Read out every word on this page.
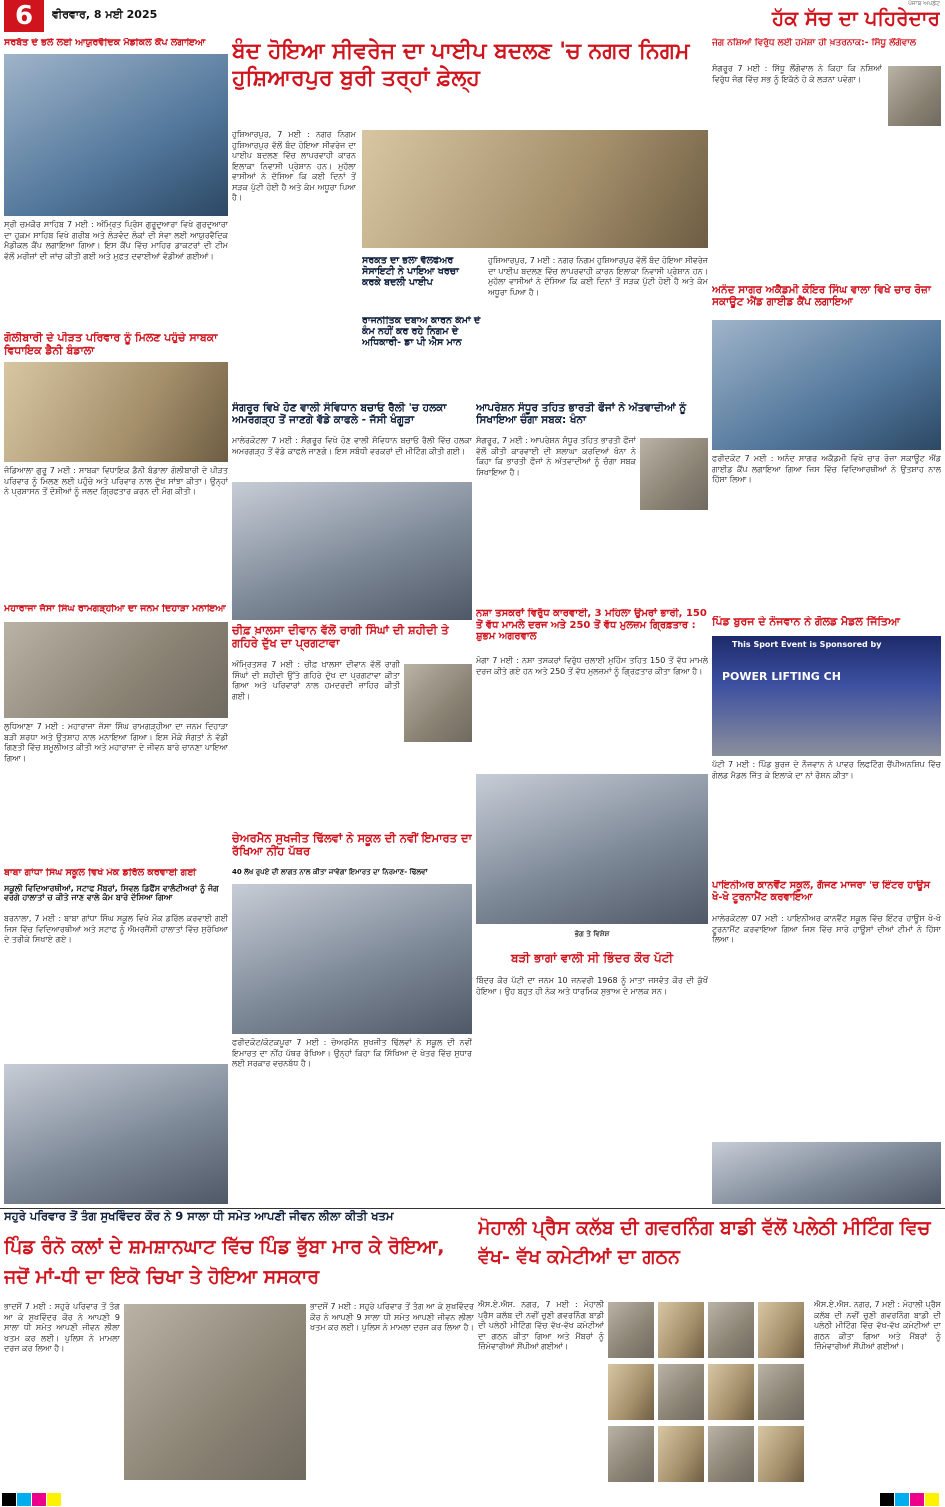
6	ਵੀਰਵਾਰ, 8 ਮਈ 2025
ਪੰਜਾਬ ਅਪਡੇਟ
ਹੱਕ ਸੱਚ ਦਾ ਪਹਿਰੇਦਾਰ
ਸਰਬੱਤ ਦੇ ਭਲੇ ਲਈ ਆਯੁਰਵੈਦਿਕ ਮੈਡੀਕਲ ਕੈਂਪ ਲਗਾਇਆ
ਸ੍ਰੀ ਚਮਕੌਰ ਸਾਹਿਬ 7 ਮਈ : ਅੰਮ੍ਰਿਤ ਪ੍ਰਿੰਸ ਗੁਰੂਦੁਆਰਾ ਵਿਖੇ ਗੁਰਦੁਆਰਾ ਦਾ ਹੁਕਮ ਸਾਹਿਬ ਵਿਖੇ ਗਰੀਬ ਅਤੇ ਲੋੜਵੰਦ ਲੋਕਾਂ ਦੀ ਸੇਵਾ ਲਈ ਆਯੁਰਵੈਦਿਕ ਮੈਡੀਕਲ ਕੈਂਪ ਲਗਾਇਆ ਗਿਆ। ਇਸ ਕੈਂਪ ਵਿੱਚ ਮਾਹਿਰ ਡਾਕਟਰਾਂ ਦੀ ਟੀਮ ਵੱਲੋਂ ਮਰੀਜ਼ਾਂ ਦੀ ਜਾਂਚ ਕੀਤੀ ਗਈ ਅਤੇ ਮੁਫ਼ਤ ਦਵਾਈਆਂ ਵੰਡੀਆਂ ਗਈਆਂ।
ਗੋਲੀਬਾਰੀ ਦੇ ਪੀੜਤ ਪਰਿਵਾਰ ਨੂੰ ਮਿਲਣ ਪਹੁੰਚੇ ਸਾਬਕਾ ਵਿਧਾਇਕ ਡੈਨੀ ਬੰਡਾਲਾ
ਜੰਡਿਆਲਾ ਗੁਰੂ 7 ਮਈ : ਸਾਬਕਾ ਵਿਧਾਇਕ ਡੈਨੀ ਬੰਡਾਲਾ ਗੋਲੀਬਾਰੀ ਦੇ ਪੀੜਤ ਪਰਿਵਾਰ ਨੂੰ ਮਿਲਣ ਲਈ ਪਹੁੰਚੇ ਅਤੇ ਪਰਿਵਾਰ ਨਾਲ ਦੁੱਖ ਸਾਂਝਾ ਕੀਤਾ। ਉਨ੍ਹਾਂ ਨੇ ਪ੍ਰਸ਼ਾਸਨ ਤੋਂ ਦੋਸ਼ੀਆਂ ਨੂੰ ਜਲਦ ਗ੍ਰਿਫਤਾਰ ਕਰਨ ਦੀ ਮੰਗ ਕੀਤੀ।
ਮਹਾਰਾਜਾ ਜੱਸਾ ਸਿੰਘ ਰਾਮਗੜ੍ਹੀਆ ਦਾ ਜਨਮ ਦਿਹਾੜਾ ਮਨਾਇਆ
ਲੁਧਿਆਣਾ 7 ਮਈ : ਮਹਾਰਾਜਾ ਜੱਸਾ ਸਿੰਘ ਰਾਮਗੜ੍ਹੀਆ ਦਾ ਜਨਮ ਦਿਹਾੜਾ ਬੜੀ ਸ਼ਰਧਾ ਅਤੇ ਉਤਸ਼ਾਹ ਨਾਲ ਮਨਾਇਆ ਗਿਆ। ਇਸ ਮੌਕੇ ਸੰਗਤਾਂ ਨੇ ਵੱਡੀ ਗਿਣਤੀ ਵਿੱਚ ਸ਼ਮੂਲੀਅਤ ਕੀਤੀ ਅਤੇ ਮਹਾਰਾਜਾ ਦੇ ਜੀਵਨ ਬਾਰੇ ਚਾਨਣਾ ਪਾਇਆ ਗਿਆ।
ਬਾਬਾ ਗਾਂਧਾ ਸਿੰਘ ਸਕੂਲ ਵਿਖੇ ਮੌਕ ਡਰਿੱਲ ਕਰਵਾਈ ਗਈ
ਸਕੂਲੀ ਵਿਦਿਆਰਥੀਆਂ, ਸਟਾਫ ਮੈਂਬਰਾਂ, ਸਿਵਲ ਡਿਫੈਂਸ ਵਾਲੰਟੀਅਰਾਂ ਨੂੰ ਜੰਗ ਵਰਗੇ ਹਾਲਾਤਾਂ ਚ ਕੀਤੇ ਜਾਣ ਵਾਲੇ ਕੰਮ ਬਾਰੇ ਦੱਸਿਆ ਗਿਆ
ਬਰਨਾਲਾ, 7 ਮਈ : ਬਾਬਾ ਗਾਂਧਾ ਸਿੰਘ ਸਕੂਲ ਵਿਖੇ ਮੌਕ ਡਰਿੱਲ ਕਰਵਾਈ ਗਈ ਜਿਸ ਵਿੱਚ ਵਿਦਿਆਰਥੀਆਂ ਅਤੇ ਸਟਾਫ ਨੂੰ ਐਮਰਜੈਂਸੀ ਹਾਲਾਤਾਂ ਵਿੱਚ ਸੁਰੱਖਿਆ ਦੇ ਤਰੀਕੇ ਸਿਖਾਏ ਗਏ।
ਬੰਦ ਹੋਇਆ ਸੀਵਰੇਜ ਦਾ ਪਾਈਪ ਬਦਲਣ 'ਚ ਨਗਰ ਨਿਗਮ ਹੁਸ਼ਿਆਰਪੁਰ ਬੁਰੀ ਤਰ੍ਹਾਂ ਫ਼ੇਲ੍ਹ
ਹੁਸ਼ਿਆਰਪੁਰ, 7 ਮਈ : ਨਗਰ ਨਿਗਮ ਹੁਸ਼ਿਆਰਪੁਰ ਵੱਲੋਂ ਬੰਦ ਹੋਇਆ ਸੀਵਰੇਜ ਦਾ ਪਾਈਪ ਬਦਲਣ ਵਿੱਚ ਲਾਪਰਵਾਹੀ ਕਾਰਨ ਇਲਾਕਾ ਨਿਵਾਸੀ ਪ੍ਰੇਸ਼ਾਨ ਹਨ। ਮੁਹੱਲਾ ਵਾਸੀਆਂ ਨੇ ਦੱਸਿਆ ਕਿ ਕਈ ਦਿਨਾਂ ਤੋਂ ਸੜਕ ਪੁੱਟੀ ਹੋਈ ਹੈ ਅਤੇ ਕੰਮ ਅਧੂਰਾ ਪਿਆ ਹੈ।
ਸਰਕਤ ਦਾ ਭਲਾ ਵੈਲਫੇਅਰ ਸੋਸਾਇਟੀ ਨੇ ਪਾਇਆ ਖਰਚਾ ਕਰਕੇ ਬਦਲੀ ਪਾਈਪ
ਰਾਜਨੀਤਿਕ ਦਬਾਅ ਕਾਰਨ ਕੰਮਾਂ ਦੇ ਕੰਮ ਨਹੀਂ ਕਰ ਰਹੇ ਨਿਗਮ ਦੇ ਅਧਿਕਾਰੀ- ਡਾ ਪੀ ਐਸ ਮਾਨ
ਹੁਸ਼ਿਆਰਪੁਰ, 7 ਮਈ : ਨਗਰ ਨਿਗਮ ਹੁਸ਼ਿਆਰਪੁਰ ਵੱਲੋਂ ਬੰਦ ਹੋਇਆ ਸੀਵਰੇਜ ਦਾ ਪਾਈਪ ਬਦਲਣ ਵਿੱਚ ਲਾਪਰਵਾਹੀ ਕਾਰਨ ਇਲਾਕਾ ਨਿਵਾਸੀ ਪ੍ਰੇਸ਼ਾਨ ਹਨ। ਮੁਹੱਲਾ ਵਾਸੀਆਂ ਨੇ ਦੱਸਿਆ ਕਿ ਕਈ ਦਿਨਾਂ ਤੋਂ ਸੜਕ ਪੁੱਟੀ ਹੋਈ ਹੈ ਅਤੇ ਕੰਮ ਅਧੂਰਾ ਪਿਆ ਹੈ।
ਸੰਗਰੂਰ ਵਿਖੇ ਹੋਣ ਵਾਲੀ ਸੰਵਿਧਾਨ ਬਚਾਓ ਰੈਲੀ 'ਚ ਹਲਕਾ ਅਮਰਗੜ੍ਹ ਤੋਂ ਜਾਣਗੇ ਵੱਡੇ ਕਾਫਲੇ - ਜੱਸੀ ਖੰਗੂੜਾ
ਮਾਲੇਰਕੋਟਲਾ 7 ਮਈ : ਸੰਗਰੂਰ ਵਿਖੇ ਹੋਣ ਵਾਲੀ ਸੰਵਿਧਾਨ ਬਚਾਓ ਰੈਲੀ ਵਿੱਚ ਹਲਕਾ ਅਮਰਗੜ੍ਹ ਤੋਂ ਵੱਡੇ ਕਾਫਲੇ ਜਾਣਗੇ। ਇਸ ਸਬੰਧੀ ਵਰਕਰਾਂ ਦੀ ਮੀਟਿੰਗ ਕੀਤੀ ਗਈ।
ਚੀਫ਼ ਖ਼ਾਲਸਾ ਦੀਵਾਨ ਵੱਲੋਂ ਰਾਗੀ ਸਿੰਘਾਂ ਦੀ ਸ਼ਹੀਦੀ ਤੇ ਗਹਿਰੇ ਦੁੱਖ ਦਾ ਪ੍ਰਗਟਾਵਾ
ਅੰਮ੍ਰਿਤਸਰ 7 ਮਈ : ਚੀਫ਼ ਖ਼ਾਲਸਾ ਦੀਵਾਨ ਵੱਲੋਂ ਰਾਗੀ ਸਿੰਘਾਂ ਦੀ ਸ਼ਹੀਦੀ ਉੱਤੇ ਗਹਿਰੇ ਦੁੱਖ ਦਾ ਪ੍ਰਗਟਾਵਾ ਕੀਤਾ ਗਿਆ ਅਤੇ ਪਰਿਵਾਰਾਂ ਨਾਲ ਹਮਦਰਦੀ ਜ਼ਾਹਿਰ ਕੀਤੀ ਗਈ।
ਚੇਅਰਮੈਨ ਸੁਖਜੀਤ ਢਿੱਲਵਾਂ ਨੇ ਸਕੂਲ ਦੀ ਨਵੀਂ ਇਮਾਰਤ ਦਾ ਰੱਖਿਆ ਨੀਂਹ ਪੱਥਰ
40 ਲੱਖ ਰੁਪਏ ਦੀ ਲਾਗਤ ਨਾਲ ਕੀਤਾ ਜਾਵੇਗਾ ਇਮਾਰਤ ਦਾ ਨਿਰਮਾਣ- ਢਿੱਲਵਾਂ
ਫਰੀਦਕੋਟ/ਕੋਟਕਪੂਰਾ 7 ਮਈ : ਚੇਅਰਮੈਨ ਸੁਖਜੀਤ ਢਿੱਲਵਾਂ ਨੇ ਸਕੂਲ ਦੀ ਨਵੀਂ ਇਮਾਰਤ ਦਾ ਨੀਂਹ ਪੱਥਰ ਰੱਖਿਆ। ਉਨ੍ਹਾਂ ਕਿਹਾ ਕਿ ਸਿੱਖਿਆ ਦੇ ਖੇਤਰ ਵਿੱਚ ਸੁਧਾਰ ਲਈ ਸਰਕਾਰ ਵਚਨਬੱਧ ਹੈ।
ਆਪਰੇਸ਼ਨ ਸੰਧੂਰ ਤਹਿਤ ਭਾਰਤੀ ਫੌਜਾਂ ਨੇ ਅੱਤਵਾਦੀਆਂ ਨੂੰ ਸਿਖਾਇਆ ਚੰਗਾ ਸਬਕ: ਖੰਨਾ
ਸੰਗਰੂਰ, 7 ਮਈ : ਆਪਰੇਸ਼ਨ ਸੰਧੂਰ ਤਹਿਤ ਭਾਰਤੀ ਫੌਜਾਂ ਵੱਲੋਂ ਕੀਤੀ ਕਾਰਵਾਈ ਦੀ ਸ਼ਲਾਘਾ ਕਰਦਿਆਂ ਖੰਨਾ ਨੇ ਕਿਹਾ ਕਿ ਭਾਰਤੀ ਫੌਜਾਂ ਨੇ ਅੱਤਵਾਦੀਆਂ ਨੂੰ ਚੰਗਾ ਸਬਕ ਸਿਖਾਇਆ ਹੈ।
ਨਸ਼ਾ ਤਸਕਰਾਂ ਵਿਰੁੱਧ ਕਾਰਵਾਈ, 3 ਮਹਿਲਾ ਉਮਰਾਂ ਭਾਰੀ, 150 ਤੋਂ ਵੱਧ ਮਾਮਲੇ ਦਰਜ ਅਤੇ 250 ਤੋਂ ਵੱਧ ਮੁਲਜ਼ਮ ਗ੍ਰਿਫ਼ਤਾਰ : ਸ਼ੁਭਮ ਅਗਰਵਾਲ
ਮੋਗਾ 7 ਮਈ : ਨਸ਼ਾ ਤਸਕਰਾਂ ਵਿਰੁੱਧ ਚਲਾਈ ਮੁਹਿੰਮ ਤਹਿਤ 150 ਤੋਂ ਵੱਧ ਮਾਮਲੇ ਦਰਜ ਕੀਤੇ ਗਏ ਹਨ ਅਤੇ 250 ਤੋਂ ਵੱਧ ਮੁਲਜ਼ਮਾਂ ਨੂੰ ਗ੍ਰਿਫ਼ਤਾਰ ਕੀਤਾ ਗਿਆ ਹੈ।
ਭੋਗ ਤੇ ਵਿਸ਼ੇਸ਼
ਬੜੀ ਭਾਗਾਂ ਵਾਲੀ ਸੀ ਭਿੰਦਰ ਕੌਰ ਪੱਟੀ
ਬਿੰਦਰ ਕੌਰ ਪੱਟੀ ਦਾ ਜਨਮ 10 ਜਨਵਰੀ 1968 ਨੂੰ ਮਾਤਾ ਜਸਵੰਤ ਕੌਰ ਦੀ ਕੁੱਖੋਂ ਹੋਇਆ। ਉਹ ਬਹੁਤ ਹੀ ਨੇਕ ਅਤੇ ਧਾਰਮਿਕ ਸੁਭਾਅ ਦੇ ਮਾਲਕ ਸਨ।
ਜੰਗ ਨਸ਼ਿਆਂ ਵਿਰੁੱਧ ਲਈ ਹਮੇਸ਼ਾ ਹੀ ਖ਼ਤਰਨਾਕ:- ਸਿੱਧੂ ਲੌਂਗੋਵਾਲ
ਸੰਗਰੂਰ 7 ਮਈ : ਸਿੱਧੂ ਲੌਂਗੋਵਾਲ ਨੇ ਕਿਹਾ ਕਿ ਨਸ਼ਿਆਂ ਵਿਰੁੱਧ ਜੰਗ ਵਿੱਚ ਸਭ ਨੂੰ ਇਕੱਠੇ ਹੋ ਕੇ ਲੜਨਾ ਪਵੇਗਾ।
ਅਨੰਦ ਸਾਗਰ ਅਕੈਡਮੀ ਕੋਇਰ ਸਿੰਘ ਵਾਲਾ ਵਿਖੇ ਚਾਰ ਰੋਜ਼ਾ ਸਕਾਊਟ ਐਂਡ ਗਾਈਡ ਕੈਂਪ ਲਗਾਇਆ
ਫਰੀਦਕੋਟ 7 ਮਈ : ਅਨੰਦ ਸਾਗਰ ਅਕੈਡਮੀ ਵਿਖੇ ਚਾਰ ਰੋਜ਼ਾ ਸਕਾਊਟ ਐਂਡ ਗਾਈਡ ਕੈਂਪ ਲਗਾਇਆ ਗਿਆ ਜਿਸ ਵਿੱਚ ਵਿਦਿਆਰਥੀਆਂ ਨੇ ਉਤਸ਼ਾਹ ਨਾਲ ਹਿੱਸਾ ਲਿਆ।
ਪਿੰਡ ਬੁਰਜ ਦੇ ਨੌਜਵਾਨ ਨੇ ਗੋਲਡ ਮੈਡਲ ਜਿੱਤਿਆ
This Sport Event is Sponsored by
POWER LIFTING CH
ਪੱਟੀ 7 ਮਈ : ਪਿੰਡ ਬੁਰਜ ਦੇ ਨੌਜਵਾਨ ਨੇ ਪਾਵਰ ਲਿਫਟਿੰਗ ਚੈਂਪੀਅਨਸ਼ਿਪ ਵਿੱਚ ਗੋਲਡ ਮੈਡਲ ਜਿੱਤ ਕੇ ਇਲਾਕੇ ਦਾ ਨਾਂ ਰੌਸ਼ਨ ਕੀਤਾ।
ਪਾਇਨੀਅਰ ਕਾਨਵੈਂਟ ਸਕੂਲ, ਗੱਜਣ ਮਾਜਰਾ 'ਚ ਇੰਟਰ ਹਾਊਸ ਖੋ-ਖੋ ਟੂਰਨਾਮੈਂਟ ਕਰਵਾਇਆ
ਮਾਲੇਰਕੋਟਲਾ 07 ਮਈ : ਪਾਇਨੀਅਰ ਕਾਨਵੈਂਟ ਸਕੂਲ ਵਿੱਚ ਇੰਟਰ ਹਾਊਸ ਖੋ-ਖੋ ਟੂਰਨਾਮੈਂਟ ਕਰਵਾਇਆ ਗਿਆ ਜਿਸ ਵਿੱਚ ਸਾਰੇ ਹਾਊਸਾਂ ਦੀਆਂ ਟੀਮਾਂ ਨੇ ਹਿੱਸਾ ਲਿਆ।
ਸਹੁਰੇ ਪਰਿਵਾਰ ਤੋਂ ਤੰਗ ਸੁਖਵਿੰਦਰ ਕੌਰ ਨੇ 9 ਸਾਲਾ ਧੀ ਸਮੇਤ ਆਪਣੀ ਜੀਵਨ ਲੀਲਾ ਕੀਤੀ ਖਤਮ
ਪਿੰਡ ਰੰਨੋ ਕਲਾਂ ਦੇ ਸ਼ਮਸ਼ਾਨਘਾਟ ਵਿੱਚ ਪਿੰਡ ਭੁੱਬਾ ਮਾਰ ਕੇ ਰੋਇਆ, ਜਦੋਂ ਮਾਂ-ਧੀ ਦਾ ਇਕੋ ਚਿਖਾ ਤੇ ਹੋਇਆ ਸਸਕਾਰ
ਭਾਦਸੋਂ 7 ਮਈ : ਸਹੁਰੇ ਪਰਿਵਾਰ ਤੋਂ ਤੰਗ ਆ ਕੇ ਸੁਖਵਿੰਦਰ ਕੌਰ ਨੇ ਆਪਣੀ 9 ਸਾਲਾ ਧੀ ਸਮੇਤ ਆਪਣੀ ਜੀਵਨ ਲੀਲਾ ਖਤਮ ਕਰ ਲਈ। ਪੁਲਿਸ ਨੇ ਮਾਮਲਾ ਦਰਜ ਕਰ ਲਿਆ ਹੈ।
ਭਾਦਸੋਂ 7 ਮਈ : ਸਹੁਰੇ ਪਰਿਵਾਰ ਤੋਂ ਤੰਗ ਆ ਕੇ ਸੁਖਵਿੰਦਰ ਕੌਰ ਨੇ ਆਪਣੀ 9 ਸਾਲਾ ਧੀ ਸਮੇਤ ਆਪਣੀ ਜੀਵਨ ਲੀਲਾ ਖਤਮ ਕਰ ਲਈ। ਪੁਲਿਸ ਨੇ ਮਾਮਲਾ ਦਰਜ ਕਰ ਲਿਆ ਹੈ।
ਮੋਹਾਲੀ ਪ੍ਰੈਸ ਕਲੱਬ ਦੀ ਗਵਰਨਿੰਗ ਬਾਡੀ ਵੱਲੋਂ ਪਲੇਠੀ ਮੀਟਿੰਗ ਵਿਚ ਵੱਖ- ਵੱਖ ਕਮੇਟੀਆਂ ਦਾ ਗਠਨ
ਐਸ.ਏ.ਐਸ. ਨਗਰ, 7 ਮਈ : ਮੋਹਾਲੀ ਪ੍ਰੈਸ ਕਲੱਬ ਦੀ ਨਵੀਂ ਚੁਣੀ ਗਵਰਨਿੰਗ ਬਾਡੀ ਦੀ ਪਲੇਠੀ ਮੀਟਿੰਗ ਵਿੱਚ ਵੱਖ-ਵੱਖ ਕਮੇਟੀਆਂ ਦਾ ਗਠਨ ਕੀਤਾ ਗਿਆ ਅਤੇ ਮੈਂਬਰਾਂ ਨੂੰ ਜ਼ਿੰਮੇਵਾਰੀਆਂ ਸੌਂਪੀਆਂ ਗਈਆਂ।
ਐਸ.ਏ.ਐਸ. ਨਗਰ, 7 ਮਈ : ਮੋਹਾਲੀ ਪ੍ਰੈਸ ਕਲੱਬ ਦੀ ਨਵੀਂ ਚੁਣੀ ਗਵਰਨਿੰਗ ਬਾਡੀ ਦੀ ਪਲੇਠੀ ਮੀਟਿੰਗ ਵਿੱਚ ਵੱਖ-ਵੱਖ ਕਮੇਟੀਆਂ ਦਾ ਗਠਨ ਕੀਤਾ ਗਿਆ ਅਤੇ ਮੈਂਬਰਾਂ ਨੂੰ ਜ਼ਿੰਮੇਵਾਰੀਆਂ ਸੌਂਪੀਆਂ ਗਈਆਂ।
